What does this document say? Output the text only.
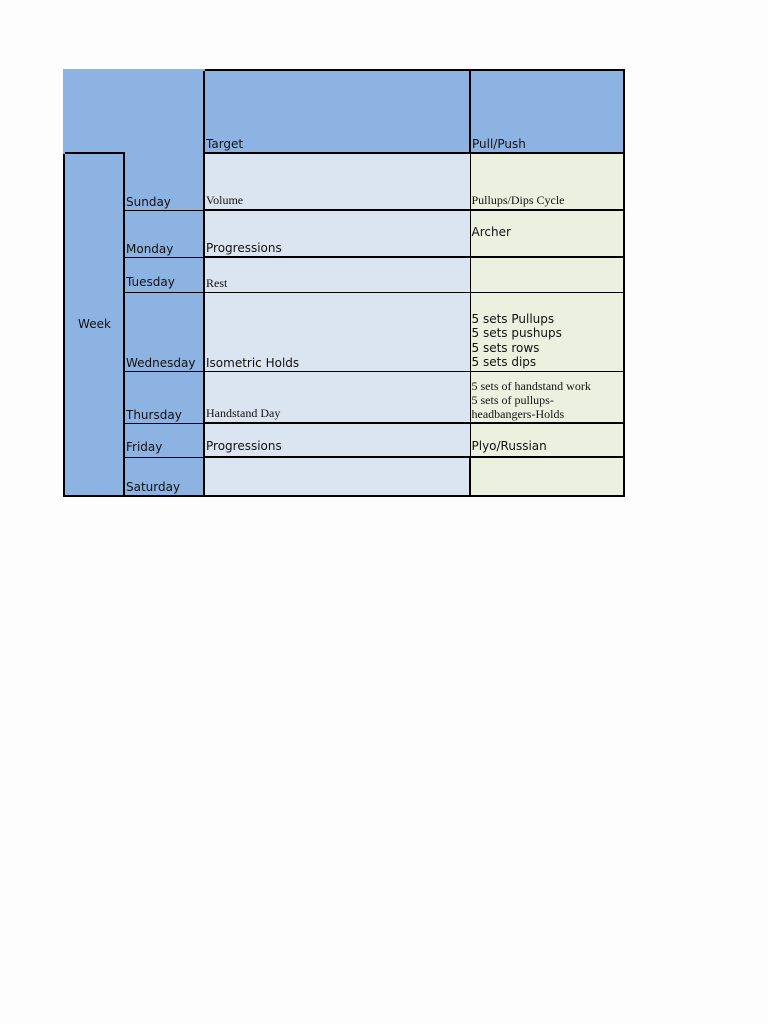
		Target	Pull/Push
Week	Sunday	Volume	Pullups/Dips Cycle
	Monday	Progressions	Archer
	Tuesday	Rest	
	Wednesday	Isometric Holds	5 sets Pullups
5 sets pushups
5 sets rows
5 sets dips

	Thursday	Handstand Day	5 sets of handstand work
5 sets of pullups-
headbangers-Holds

	Friday	Progressions	Plyo/Russian
	Saturday		
